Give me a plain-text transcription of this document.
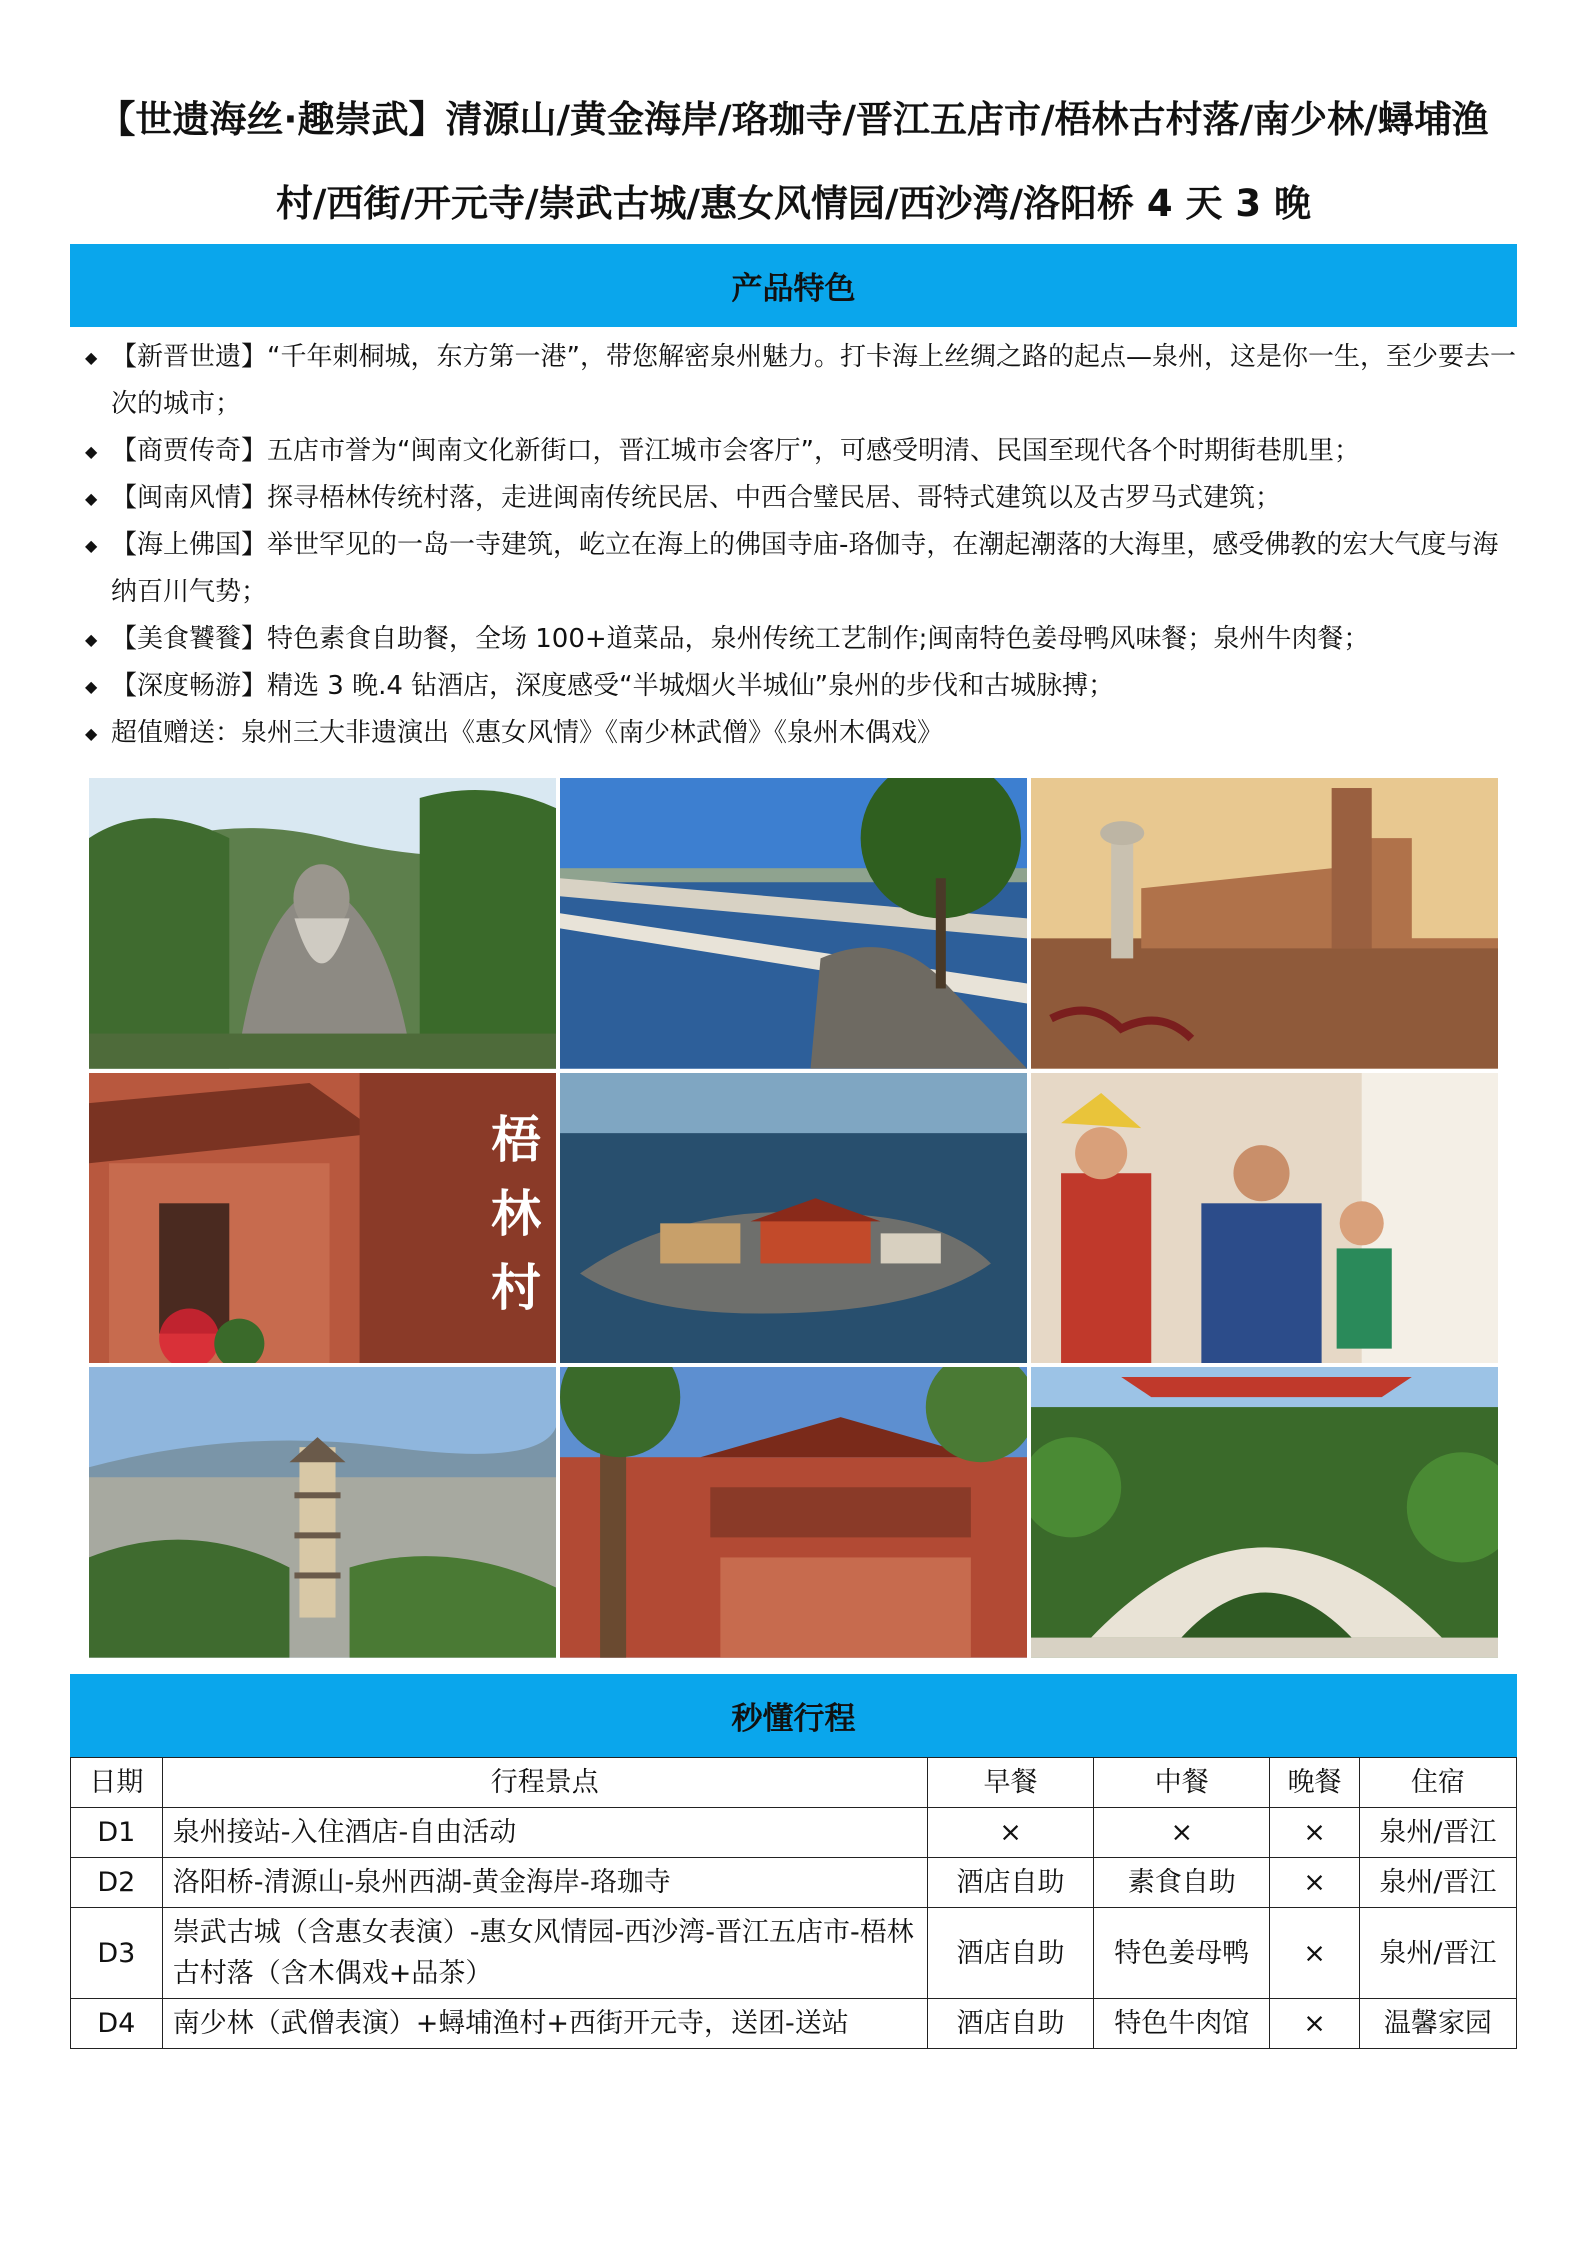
【世遗海丝·趣崇武】清源山/黄金海岸/珞珈寺/晋江五店市/梧林古村落/南少林/蟳埔渔
村/西街/开元寺/崇武古城/惠女风情园/西沙湾/洛阳桥 4 天 3 晚
产品特色
◆ 【新晋世遗】“千年刺桐城，东方第一港”，带您解密泉州魅力。打卡海上丝绸之路的起点—泉州，这是你一生，至少要去一次的城市；
◆ 【商贾传奇】五店市誉为“闽南文化新街口，晋江城市会客厅”，可感受明清、民国至现代各个时期街巷肌里；
◆ 【闽南风情】探寻梧林传统村落，走进闽南传统民居、中西合璧民居、哥特式建筑以及古罗马式建筑；
◆ 【海上佛国】举世罕见的一岛一寺建筑，屹立在海上的佛国寺庙-珞伽寺，在潮起潮落的大海里，感受佛教的宏大气度与海纳百川气势；
◆ 【美食饕餮】特色素食自助餐，全场 100+道菜品，泉州传统工艺制作;闽南特色姜母鸭风味餐；泉州牛肉餐；
◆ 【深度畅游】精选 3 晚.4 钻酒店，深度感受“半城烟火半城仙”泉州的步伐和古城脉搏；
◆ 超值赠送：泉州三大非遗演出《惠女风情》《南少林武僧》《泉州木偶戏》
梧林村
秒懂行程
日期	行程景点	早餐	中餐	晚餐	住宿
D1	泉州接站-入住酒店-自由活动	×	×	×	泉州/晋江
D2	洛阳桥-清源山-泉州西湖-黄金海岸-珞珈寺	酒店自助	素食自助	×	泉州/晋江
D3	崇武古城（含惠女表演）-惠女风情园-西沙湾-晋江五店市-梧林古村落（含木偶戏+品茶）	酒店自助	特色姜母鸭	×	泉州/晋江
D4	南少林（武僧表演）+蟳埔渔村+西街开元寺，送团-送站	酒店自助	特色牛肉馆	×	温馨家园
